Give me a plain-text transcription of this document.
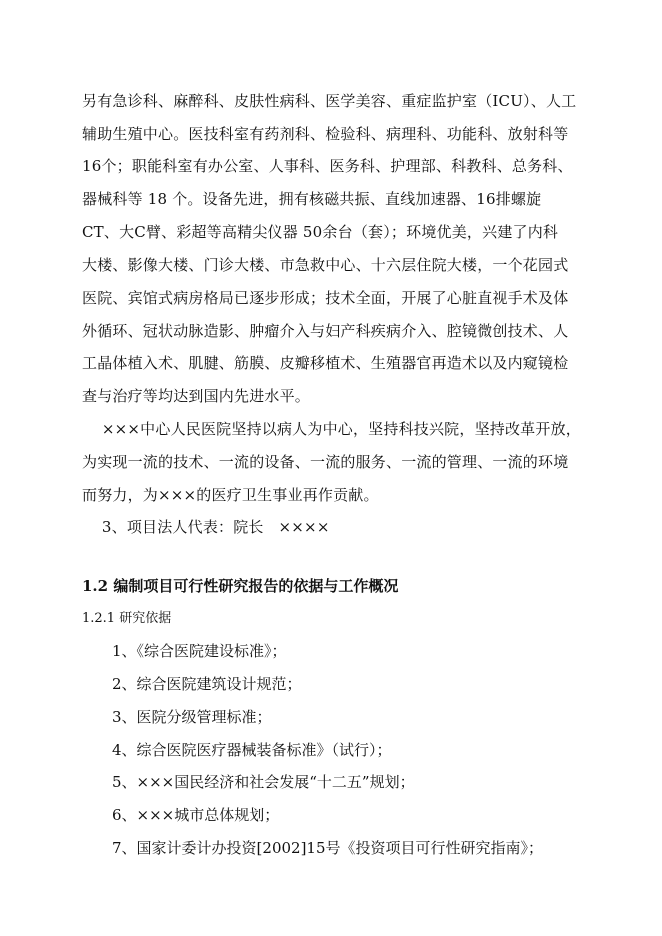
另有急诊科、麻醉科、皮肤性病科、医学美容、重症监护室（ICU）、人工
辅助生殖中心。医技科室有药剂科、检验科、病理科、功能科、放射科等
16个；职能科室有办公室、人事科、医务科、护理部、科教科、总务科、
器械科等 18 个。设备先进，拥有核磁共振、直线加速器、16排螺旋
CT、大C臂、彩超等高精尖仪器 50余台（套）；环境优美，兴建了内科
大楼、影像大楼、门诊大楼、市急救中心、十六层住院大楼，一个花园式
医院、宾馆式病房格局已逐步形成；技术全面，开展了心脏直视手术及体
外循环、冠状动脉造影、肿瘤介入与妇产科疾病介入、腔镜微创技术、人
工晶体植入术、肌腱、筋膜、皮瓣移植术、生殖器官再造术以及内窥镜检
查与治疗等均达到国内先进水平。
×××中心人民医院坚持以病人为中心，坚持科技兴院，坚持改革开放，
为实现一流的技术、一流的设备、一流的服务、一流的管理、一流的环境
而努力，为×××的医疗卫生事业再作贡献。
3、项目法人代表：院长   ××××
1.2 编制项目可行性研究报告的依据与工作概况
1.2.1 研究依据
1、《综合医院建设标准》；
2、综合医院建筑设计规范；
3、医院分级管理标准；
4、综合医院医疗器械装备标准》（试行）；
5、×××国民经济和社会发展“十二五”规划；
6、×××城市总体规划；
7、国家计委计办投资[2002]15号《投资项目可行性研究指南》；
